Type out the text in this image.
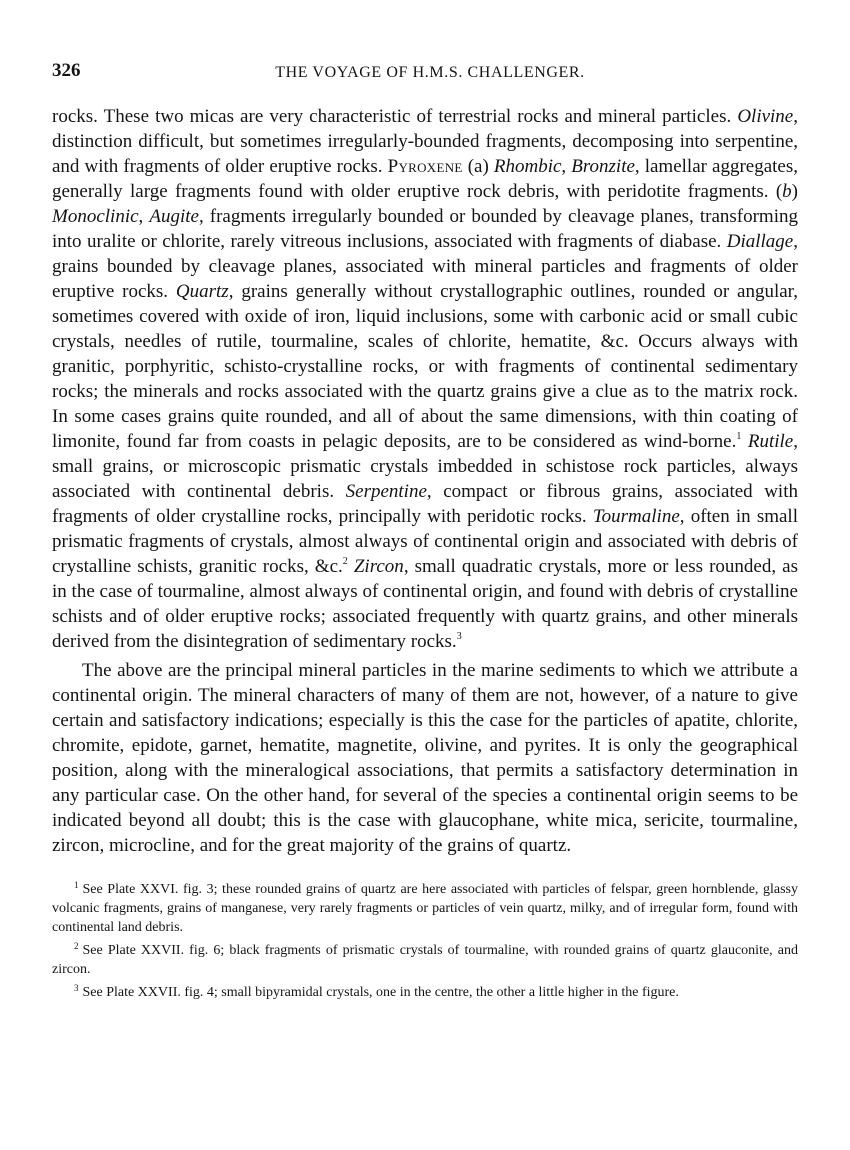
326	THE VOYAGE OF H.M.S. CHALLENGER.

rocks. These two micas are very characteristic of terrestrial rocks and mineral particles. Olivine, distinction difficult, but sometimes irregularly-bounded fragments, decomposing into serpentine, and with fragments of older eruptive rocks. Pyroxene (a) Rhombic, Bronzite, lamellar aggregates, generally large fragments found with older eruptive rock debris, with peridotite fragments. (b) Monoclinic, Augite, fragments irregularly bounded or bounded by cleavage planes, transforming into uralite or chlorite, rarely vitreous inclusions, associated with fragments of diabase. Diallage, grains bounded by cleavage planes, associated with mineral particles and fragments of older eruptive rocks. Quartz, grains generally without crystallographic outlines, rounded or angular, sometimes covered with oxide of iron, liquid inclusions, some with carbonic acid or small cubic crystals, needles of rutile, tourmaline, scales of chlorite, hematite, &c. Occurs always with granitic, porphyritic, schisto-crystalline rocks, or with fragments of continental sedimentary rocks; the minerals and rocks associated with the quartz grains give a clue as to the matrix rock. In some cases grains quite rounded, and all of about the same dimensions, with thin coating of limonite, found far from coasts in pelagic deposits, are to be considered as wind-borne.$^1$ Rutile, small grains, or microscopic prismatic crystals imbedded in schistose rock particles, always associated with continental debris. Serpentine, compact or fibrous grains, associated with fragments of older crystalline rocks, principally with peridotic rocks. Tourmaline, often in small prismatic fragments of crystals, almost always of continental origin and associated with debris of crystalline schists, granitic rocks, &c.$^2$ Zircon, small quadratic crystals, more or less rounded, as in the case of tourmaline, almost always of continental origin, and found with debris of crystalline schists and of older eruptive rocks; associated frequently with quartz grains, and other minerals derived from the disintegration of sedimentary rocks.$^3$

The above are the principal mineral particles in the marine sediments to which we attribute a continental origin. The mineral characters of many of them are not, however, of a nature to give certain and satisfactory indications; especially is this the case for the particles of apatite, chlorite, chromite, epidote, garnet, hematite, magnetite, olivine, and pyrites. It is only the geographical position, along with the mineralogical associations, that permits a satisfactory determination in any particular case. On the other hand, for several of the species a continental origin seems to be indicated beyond all doubt; this is the case with glaucophane, white mica, sericite, tourmaline, zircon, microcline, and for the great majority of the grains of quartz.

$^1$ See Plate XXVI. fig. 3; these rounded grains of quartz are here associated with particles of felspar, green hornblende, glassy volcanic fragments, grains of manganese, very rarely fragments or particles of vein quartz, milky, and of irregular form, found with continental land debris.

$^2$ See Plate XXVII. fig. 6; black fragments of prismatic crystals of tourmaline, with rounded grains of quartz glauconite, and zircon.

$^3$ See Plate XXVII. fig. 4; small bipyramidal crystals, one in the centre, the other a little higher in the figure.
